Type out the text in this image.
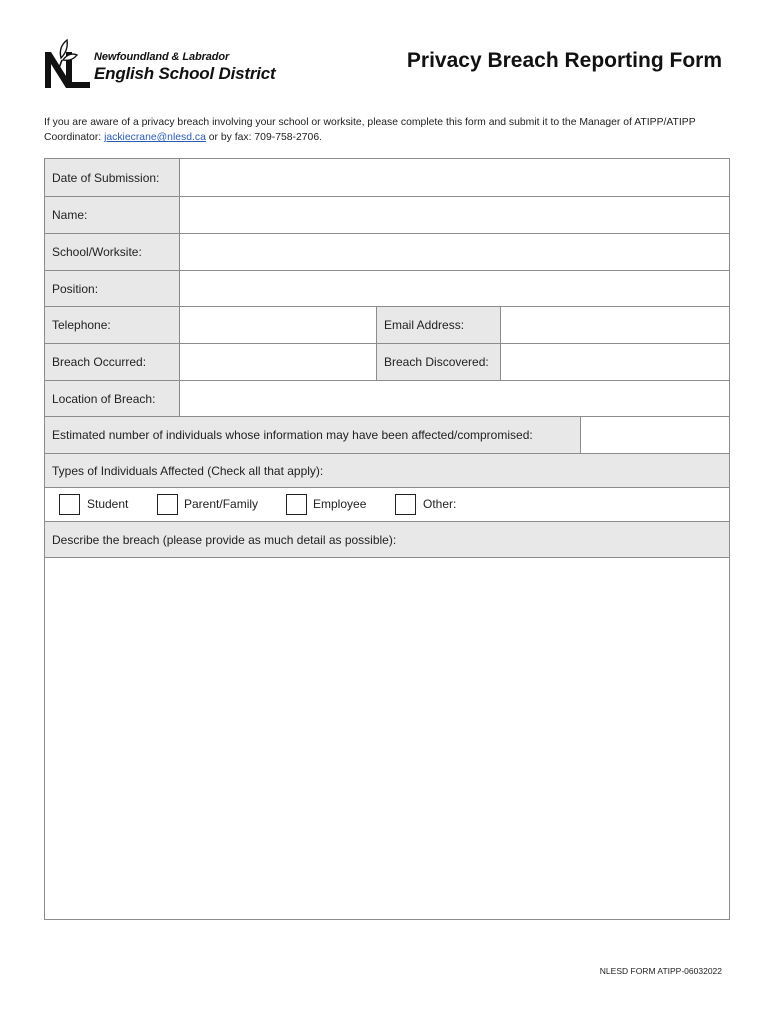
Newfoundland & Labrador
English School District
Privacy Breach Reporting Form
If you are aware of a privacy breach involving your school or worksite, please complete this form and submit it to the Manager of ATIPP/ATIPP Coordinator: jackiecrane@nlesd.ca or by fax: 709-758-2706.
Date of Submission:
Name:
School/Worksite:
Position:
Telephone:	Email Address:
Breach Occurred:	Breach Discovered:
Location of Breach:
Estimated number of individuals whose information may have been affected/compromised:
Types of Individuals Affected (Check all that apply):
Student	Parent/Family	Employee	Other:
Describe the breach (please provide as much detail as possible):
NLESD FORM ATIPP-06032022
